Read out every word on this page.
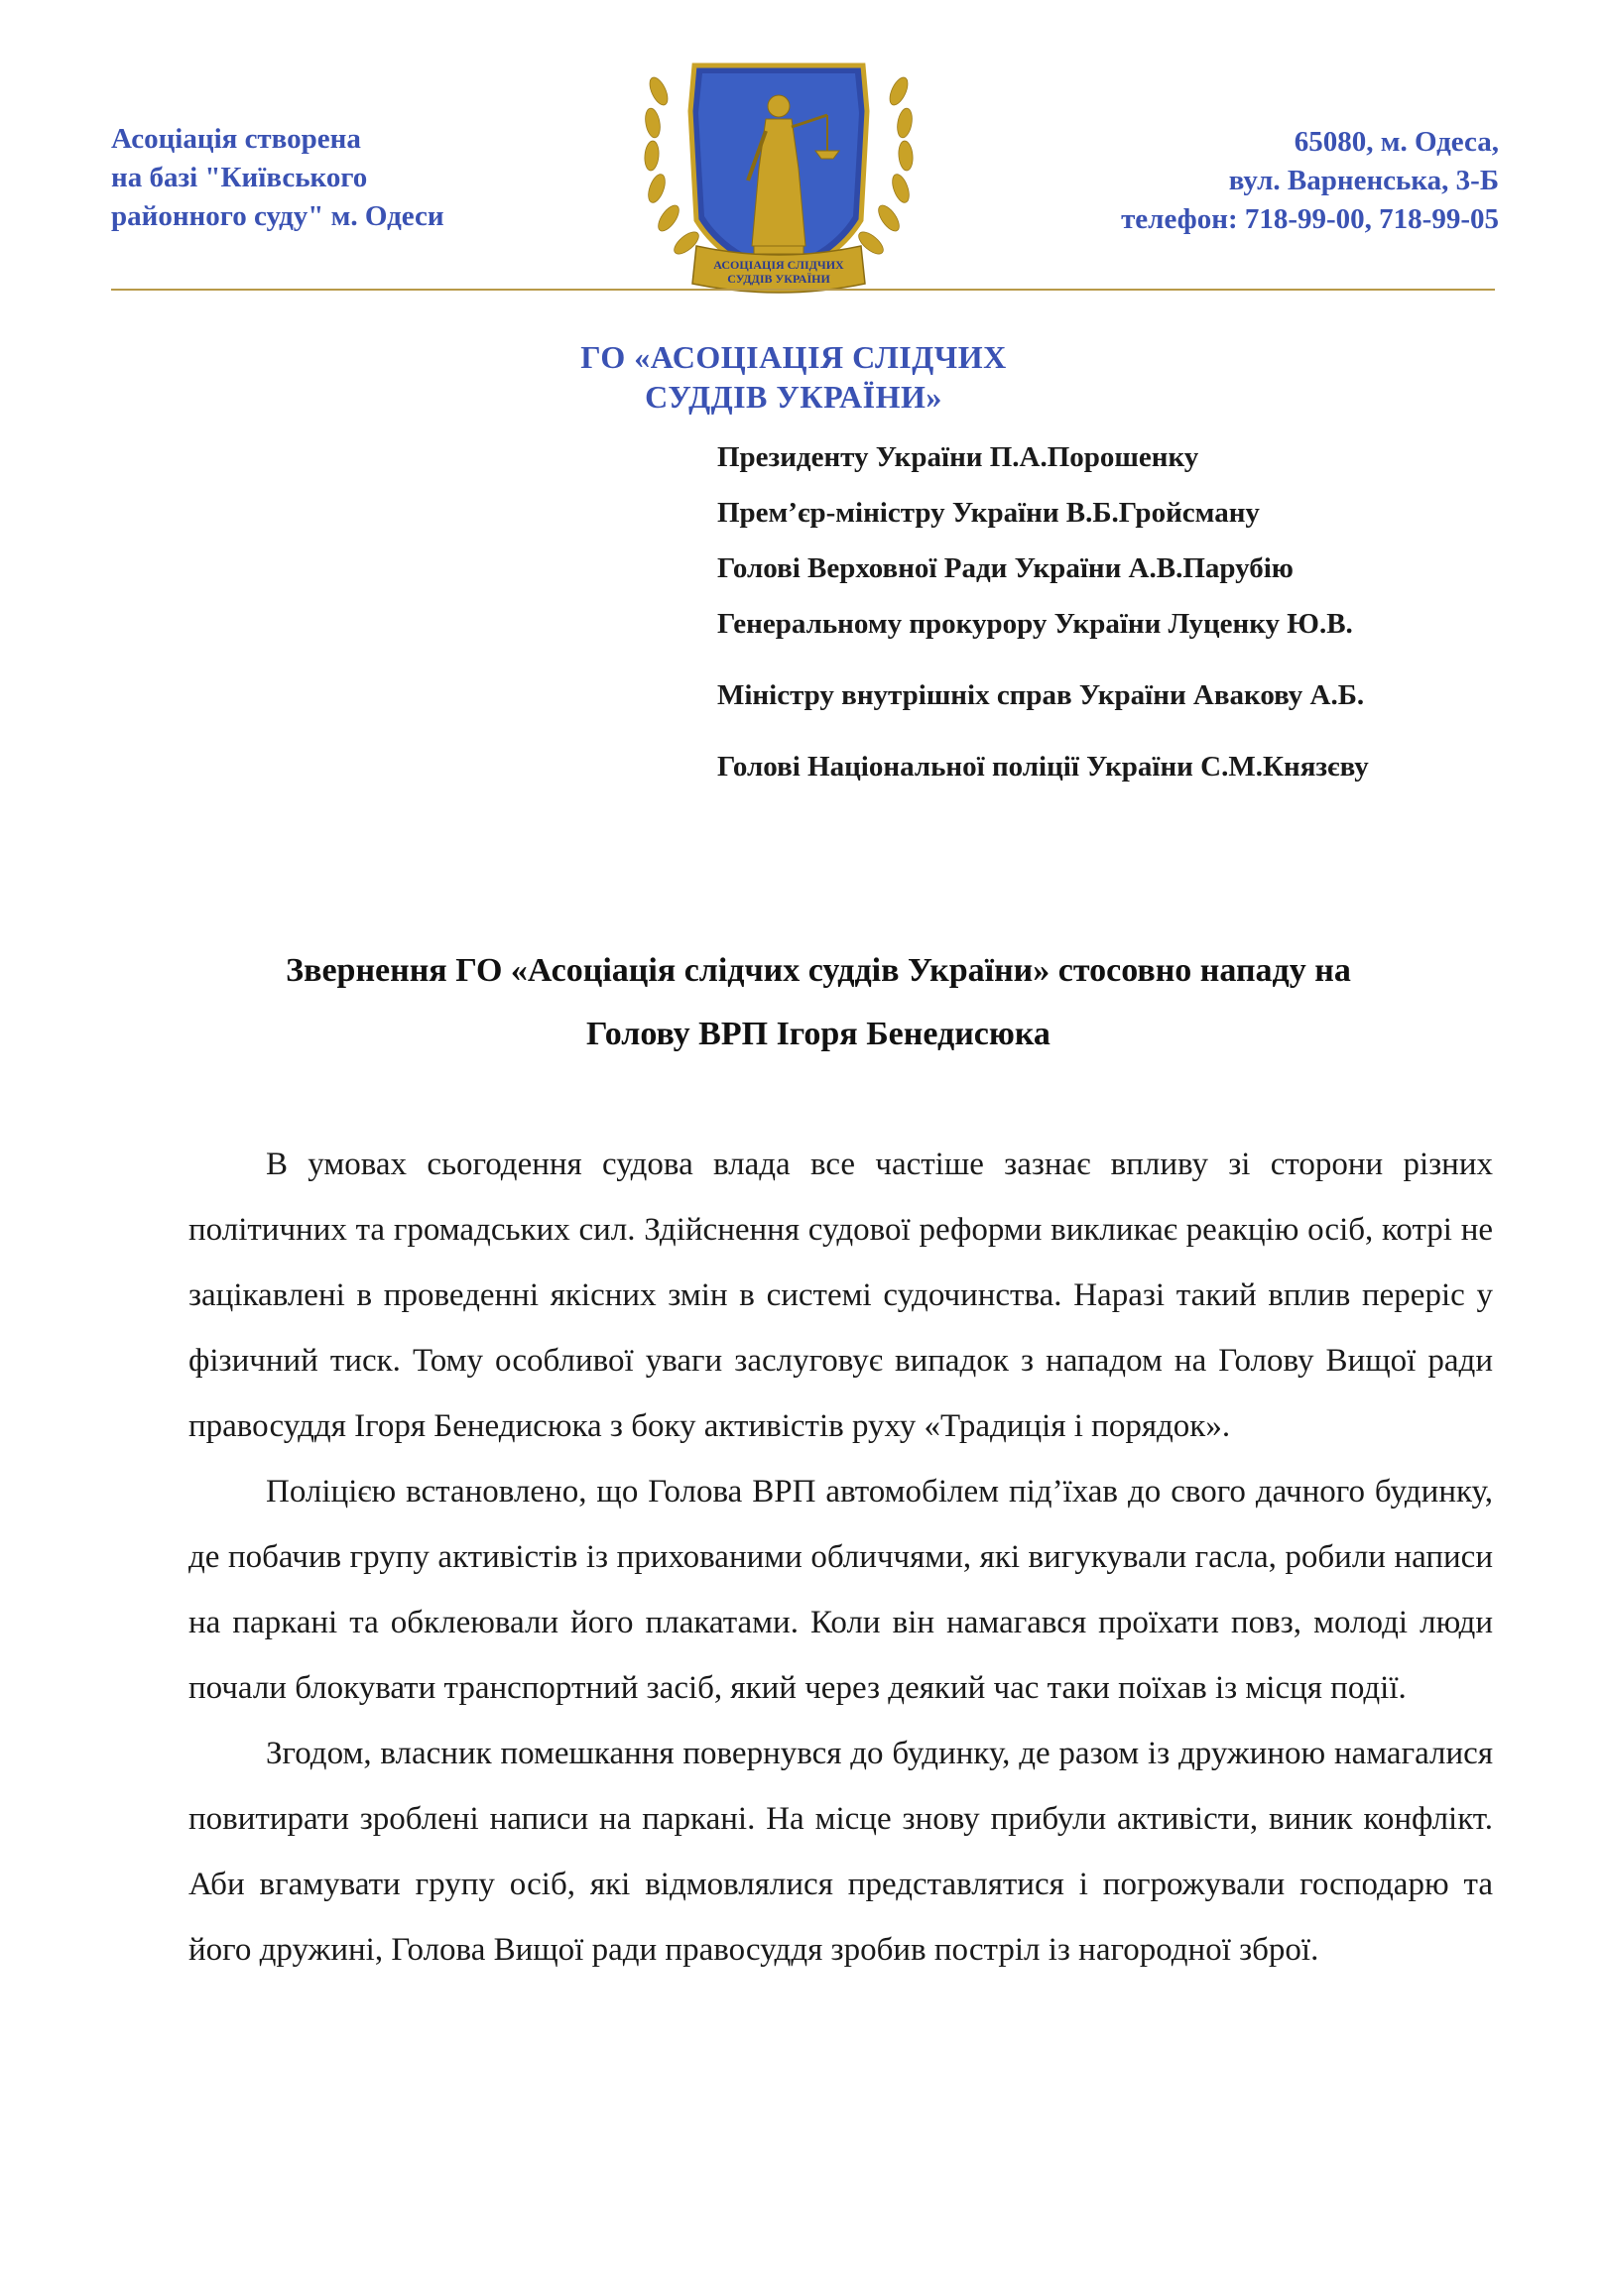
Асоціація створена
на базі "Київського
районного суду" м. Одеси
АСОЦІАЦІЯ СЛІДЧИХ
СУДДІВ УКРАЇНИ
65080, м. Одеса,
вул. Варненська, 3-Б
телефон: 718-99-00, 718-99-05
ГО «АСОЦІАЦІЯ СЛІДЧИХ
СУДДІВ УКРАЇНИ»
Президенту України П.А.Порошенку
Прем’єр-міністру України В.Б.Гройсману
Голові Верховної Ради України А.В.Парубію
Генеральному прокурору України Луценку Ю.В.
Міністру внутрішніх справ України Авакову А.Б.
Голові Національної поліції України С.М.Князєву
Звернення ГО «Асоціація слідчих суддів України» стосовно нападу на
Голову ВРП Ігоря Бенедисюка

В умовах сьогодення судова влада все частіше зазнає впливу зі сторони різних політичних та громадських сил. Здійснення судової реформи викликає реакцію осіб, котрі не зацікавлені в проведенні якісних змін в системі судочинства. Наразі такий вплив переріс у фізичний тиск. Тому особливої уваги заслуговує випадок з нападом на Голову Вищої ради правосуддя Ігоря Бенедисюка з боку активістів руху «Традиція і порядок».

Поліцією встановлено, що Голова ВРП автомобілем під’їхав до свого дачного будинку, де побачив групу активістів із прихованими обличчями, які вигукували гасла, робили написи на паркані та обклеювали його плакатами. Коли він намагався проїхати повз, молоді люди почали блокувати транспортний засіб, який через деякий час таки поїхав із місця події.

Згодом, власник помешкання повернувся до будинку, де разом із дружиною намагалися повитирати зроблені написи на паркані. На місце знову прибули активісти, виник конфлікт. Аби вгамувати групу осіб, які відмовлялися представлятися і погрожували господарю та його дружині, Голова Вищої ради правосуддя зробив постріл із нагородної зброї.
